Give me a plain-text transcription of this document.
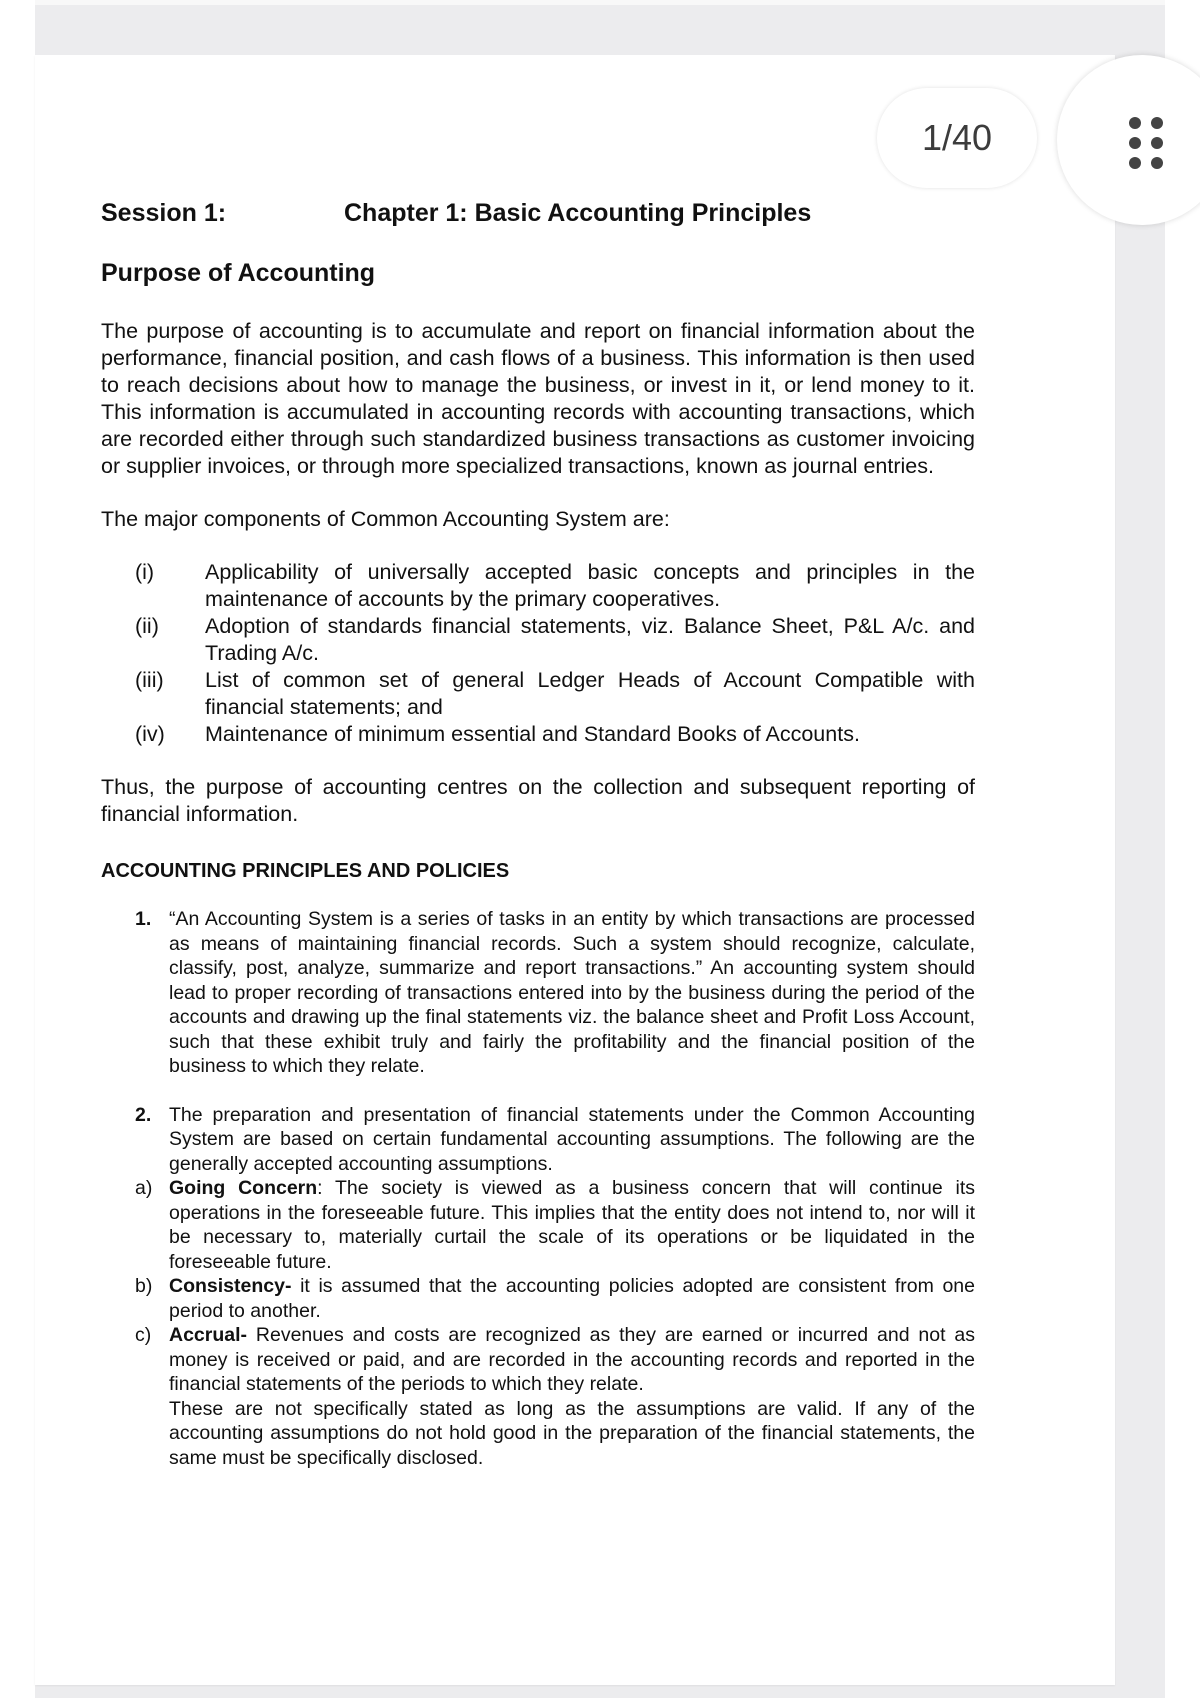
1/40
Session 1:	Chapter 1: Basic Accounting Principles
Purpose of Accounting

The purpose of accounting is to accumulate and report on financial information about the performance, financial position, and cash flows of a business. This information is then used to reach decisions about how to manage the business, or invest in it, or lend money to it. This information is accumulated in accounting records with accounting transactions, which are recorded either through such standardized business transactions as customer invoicing or supplier invoices, or through more specialized transactions, known as journal entries.

The major components of Common Accounting System are:

(i)	Applicability of universally accepted basic concepts and principles in the maintenance of accounts by the primary cooperatives.
(ii)	Adoption of standards financial statements, viz. Balance Sheet, P&L A/c. and Trading A/c.
(iii)	List of common set of general Ledger Heads of Account Compatible with financial statements; and
(iv)	Maintenance of minimum essential and Standard Books of Accounts.

Thus, the purpose of accounting centres on the collection and subsequent reporting of financial information.

ACCOUNTING PRINCIPLES AND POLICIES
1. “An Accounting System is a series of tasks in an entity by which transactions are processed as means of maintaining financial records. Such a system should recognize, calculate, classify, post, analyze, summarize and report transactions.” An accounting system should lead to proper recording of transactions entered into by the business during the period of the accounts and drawing up the final statements viz. the balance sheet and Profit Loss Account, such that these exhibit truly and fairly the profitability and the financial position of the business to which they relate.
2. The preparation and presentation of financial statements under the Common Accounting System are based on certain fundamental accounting assumptions. The following are the generally accepted accounting assumptions.
a) Going Concern: The society is viewed as a business concern that will continue its operations in the foreseeable future. This implies that the entity does not intend to, nor will it be necessary to, materially curtail the scale of its operations or be liquidated in the foreseeable future.
b) Consistency- it is assumed that the accounting policies adopted are consistent from one period to another.
c) Accrual- Revenues and costs are recognized as they are earned or incurred and not as money is received or paid, and are recorded in the accounting records and reported in the financial statements of the periods to which they relate.
These are not specifically stated as long as the assumptions are valid. If any of the accounting assumptions do not hold good in the preparation of the financial statements, the same must be specifically disclosed.
